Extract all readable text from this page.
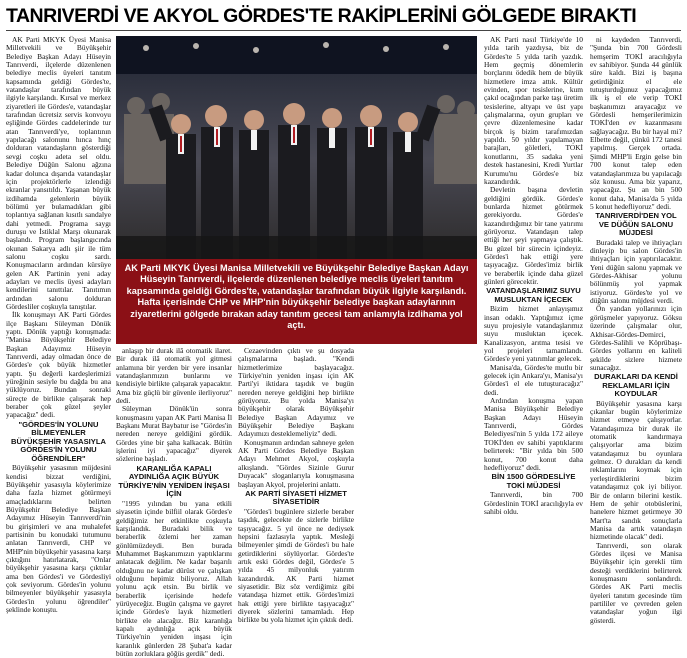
TANRIVERDİ VE AKYOL GÖRDES'TE RAKİPLERİNİ GÖLGEDE BIRAKTI

AK Parti MKYK Üyesi Manisa Milletvekili ve Büyükşehir Belediye Başkan Adayı Hüseyin Tanrıverdi, ilçelerde düzenlenen belediye meclis üyeleri tanıtım kapsamında geldiği Gördes'te, vatandaşlar tarafından büyük ilgiyle karşılandı. Kırsal ve merkez ziyaretleri ile Gördes'e, vatandaşlar tarafından ücretsiz servis konvoyu eşliğinde Gördes caddelerinde tur atan Tanrıverdi'ye, toplantının yapılacağı salonunu hınca hınç dolduran vatandaşların gösterdiği sevgi coşku adeta sel oldu. Belediye Düğün Salonu ağzına kadar dolunca dışarıda vatandaşlar için projektörlerle izlendiği ekranlar yansıtıldı. Yaşanan büyük izdihamda gelenlerin büyük bölümü yer bulamadıkları gibi toplantıya sağlanan kısıtlı sandalye dahi yetmedi. Programa saygı duruşu ve İstiklal Marşı okunarak başlandı. Program başlangıcında okunan Sakarya adlı şiir ile tüm salonu coşku sardı. Konuşmacıların ardından kürsüye gelen AK Partinin yeni aday adayları ve meclis üyesi adayları kendilerini tanıttılar. Tanıtımın ardından salonu dolduran Gördesliler coşkuyla tanıştılar.

İlk konuşmayı AK Parti Gördes ilçe Başkanı Süleyman Dönük yaptı. Dönük yaptığı konuşmada: "Manisa Büyükşehir Belediye Başkan Adayımız Hüseyin Tanrıverdi, aday olmadan önce de Gördes'e çok büyük hizmetler yaptı. Şu değerli kardeşlerimizi yüreğinin sesiyle bu dağda bu ana yüklüyoruz. Bundan sonraki süreçte de birlikte çalışarak hep beraber çok güzel şeyler yapacağız" dedi.

"GÖRDES'İN YOLUNU BİLMEYENLER BÜYÜKŞEHİR YASASIYLA GÖRDES'İN YOLUNU ÖĞRENDİLER"

Büyükşehir yasasının müjdesini kendisi bizzat verdiğini, Büyükşehir yasasıyla köylerimize daha fazla hizmet götürmeyi amaçladıklarını belirten Büyükşehir Belediye Başkan Adayımız Hüseyin Tanrıverdi'nin bu girişimleri ve ana muhalefet partisinin bu konudaki tutumunu anlatan Tanrıverdi, CHP ve MHP'nin büyükşehir yasasına karşı çıktığını hatırlatarak, "Onlar büyükşehir yasasına karşı çıktılar ama ben Gördes'i ve Gördesliyi çok seviyorum. Gördes'in yolunu bilmeyenler büyükşehir yasasıyla Gördes'in yolunu öğrendiler" şeklinde konuştu.

AK Parti MKYK Üyesi Manisa Milletvekili ve Büyükşehir Belediye Başkan Adayı Hüseyin Tanrıverdi, ilçelerde düzenlenen belediye meclis üyeleri tanıtım kapsamında geldiği Gördes'te, vatandaşlar tarafından büyük ilgiyle karşılandı. Hafta içerisinde CHP ve MHP'nin büyükşehir belediye başkan adaylarının ziyaretlerini gölgede bırakan aday tanıtım gecesi tam anlamıyla izdihama yol açtı.

anlaşıp bir durak ilâ otomatik ilaret. Bir durak ilâ otomatik yol gitmesi anlamına bir yerden bir yere insanlar vatandaşlarımızın bunlarını ve kendisiyle birlikte çalışarak yapacaktır. Ama biz güçlü bir güvenle ilerliyoruz" dedi.

Süleyman Dönük'ün sonra konuşmasını yapan AK Parti Manisa İl Başkanı Murat Baybatur ise "Gördes'in nereden nereye geldiğini gördük. Gördes yine bir şaha kalkacak. Bütün işlerini iyi yapacağız" diyerek sözlerine başladı.

KARANLIĞA KAPALI AYDINLIĞA AÇIK BÜYÜK TÜRKİYE'NİN YENİDEN İNŞASI İÇİN

"1995 yılından bu yana etkili siyasetin içinde bilfiil olarak Gördes'e geldiğimiz her etkinlikte coşkuyla karşılandık. Buradaki bilik ve beraberlik özlemi her zaman gönlümüzdeydi. Ben burada Muhammet Başkanımızın yaptıklarını anlatacak değilim. Ne kadar başarılı olduğunu ne kadar dürüst ve çalışkan olduğunu hepimiz biliyoruz. Allah yolunu açık etsin. Bu birlik ve beraberlik içerisinde hedefe yürüyeceğiz. Bugün çalışma ve gayret içinde Gördes'e layık hizmetleri birlikte ele alacağız. Biz karanlığa kapalı aydınlığa açık büyük Türkiye'nin yeniden inşası için karanlık günlerden 28 Şubat'a kadar bütün zorluklara göğüs gerdik" dedi.

Cezaevinden çıktı ve şu dosyada çalışmalarına başladı. "Kendi hizmetlerimize başlayacağız. Türkiye'nin yeniden inşası için AK Parti'yi iktidara taşıdık ve bugün nereden nereye geldiğini hep birlikte görüyoruz. Bu yolda Manisa'yı büyükşehir olarak Büyükşehir Belediye Başkan Adayımız ve Büyükşehir Belediye Başkanı Adayımızı desteklemeliyiz" dedi.

Konuşmanın ardından sahneye gelen AK Parti Gördes Belediye Başkan Adayı Mehmet Akyol, coşkuyla alkışlandı. "Gördes Sizinle Gurur Duyacak" sloganlarıyla konuşmasına başlayan Akyol, projelerini anlattı.

AK PARTİ SİYASETİ HİZMET SİYASETİDİR

"Gördes'i bugünlere sizlerle beraber taşıdık, gelecekte de sizlerle birlikte taşıyacağız. 5 yıl önce ne dediysek hepsini fazlasıyla yaptık. Mesleği bilmeyenler şimdi de Gördes'i bu hale getirdiklerini söylüyorlar. Gördes'te artık eski Gördes değil, Gördes'e 5 yılda 45 milyonluk yatırım kazandırdık. AK Parti hizmet siyasetidir. Biz söz verdiğimiz gibi vatandaşa hizmet ettik. Gördes'imizi hak ettiği yere birlikte taşıyacağız" diyerek sözlerini tamamladı. Hep birlikte bu yola hizmet için çıktık dedi.

AK Parti nasıl Türkiye'de 10 yılda tarih yazdıysa, biz de Gördes'te 5 yılda tarih yazdık. Hem geçmiş dönemlerin borçlarını ödedik hem de büyük hizmetlere imza attık. Kültür evinden, spor tesislerine, kum çakıl ocağından parke taşı üretim tesislerine, altyapı ve üst yapı çalışmalarına, oyun grupları ve çevre düzenlemesine kadar birçok iş bizim tarafımızdan yapıldı. 50 yıldır yapılamayan barajları, göletleri, TOKİ konutlarını, 35 sadaka yeni destek hastanesini, Kredi Yurtlar Kurumu'nu Gördes'e biz kazandırdık.

Devletin başına devletin geldiğini gördük. Gördes'e bunlarda hizmet götürmek gerekiyordu. Gördes'e kazandırdığımız bir tane yatırımı görüyoruz. Vatandaşın talep ettiği her şeyi yapmaya çalıştık. Bu güzel bir sürecin içindeyiz. Gördes'i hak ettiği yere taşıyacağız. Gördes'imiz birlik ve beraberlik içinde daha güzel günleri görecektir.

VATANDAŞLARIMIZ SUYU MUSLUKTAN İÇECEK

Bizim hizmet anlayışımız insan odaklı. Yaptığımız içme suyu projesiyle vatandaşlarımız suyu musluktan içecek. Kanalizasyon, arıtma tesisi ve yol projeleri tamamlandı. Gördes'e yeni yatırımlar gelecek.

Manisa'da, Gördes'te mutlu bir gelecek için Ankara'yı, Manisa'yı Gördes'i el ele tutuşturacağız" dedi.

Ardından konuşma yapan Manisa Büyükşehir Belediye Başkan Adayı Hüseyin Tanrıverdi, Gördes Belediyesi'nin 5 yılda 172 aileye TOKİ'den ev sahibi yaptıklarını belirterek: "Bir yılda bin 500 konut, 700 konut daha hedefliyoruz" dedi.

BİN 1500 GÖRDESLİYE TOKİ MÜJDESİ

Tanrıverdi, bin 700 Gördeslinin TOKİ aracılığıyla ev sahibi oldu.

ni kaydeden Tanrıverdi, "Şunda bin 700 Gördesli hemşerim TOKİ aracılığıyla ev sahibiyor. Şunda 44 günlük süre kaldı. Bizi iş başına getirdiğiniz el ele tutuşturduğunuz yapacağımız ilk iş el ele verip TOKİ başkanımızı arayacağız ve Gördesli hemşerilerimizin TOKİ'den ev kazanmasını sağlayacağız. Bu bir hayal mi? Elbette değil, çünkü 172 tanesi yapılmış. Gerçek ortada. Şimdi MHP'li Ergin gelse bin 700 konut talep eden vatandaşlarımıza bu yapılacağı söz konusu. Ama biz yaparız, yapacağız. Şu an bin 500 konut daha, Manisa'da 5 yılda 5 konut hedefliyoruz" dedi.

TANRIVERDİ'DEN YOL VE DÜĞÜN SALONU MÜJDESİ

Buradaki talep ve ihtiyaçları dinleyip bu salon Gördes'in ihtiyaçları için yaptırılacaktır. Yeni düğün salonu yapmak ve Gördes-Akhisar yolunu bölünmüş yol yapmak istiyoruz. Gördes'te yol ve düğün salonu müjdesi verdi.

Ön yandan yollarınızı için görüşmeler yapıyoruz. Göksu üzerinde çalışmalar olur, Akhisar-Gördes-Demirci, Gördes-Salihli ve Köprübaşı-Gördes yollarını en kaliteli şekilde sizlere hizmete sunacağız.

DURAKLARI DA KENDİ REKLAMLARI İÇİN KOYDULAR

Büyükşehir yasasına karşı çıkanlar bugün köylerimize hizmet etmeye çalışıyorlar. Vatandaşımıza bir durak ile otomatik kandırmaya çalışıyorlar ama bizim vatandaşımız bu oyunlara gelmez. O durakları da kendi reklamlarını koymak için yerleştirdiklerini bizim vatandaşımız çok iyi biliyor. Bir de onların bilerini kestik. Hem de şehir otobüslerini, hanelere hizmet getirmeye 30 Mart'ta sandık sonuçlarla Manisa da artık vatandaşın hizmetinde olacak" dedi.

Tanrıverdi, son olarak Gördes ilçesi ve Manisa Büyükşehir için gerekli tüm desteği verdiklerini belirterek konuşmasını sonlandırdı. Gördes AK Parti meclis üyeleri tanıtım gecesinde tüm partililer ve çevreden gelen vatandaşlar yoğun ilgi gösterdi.
